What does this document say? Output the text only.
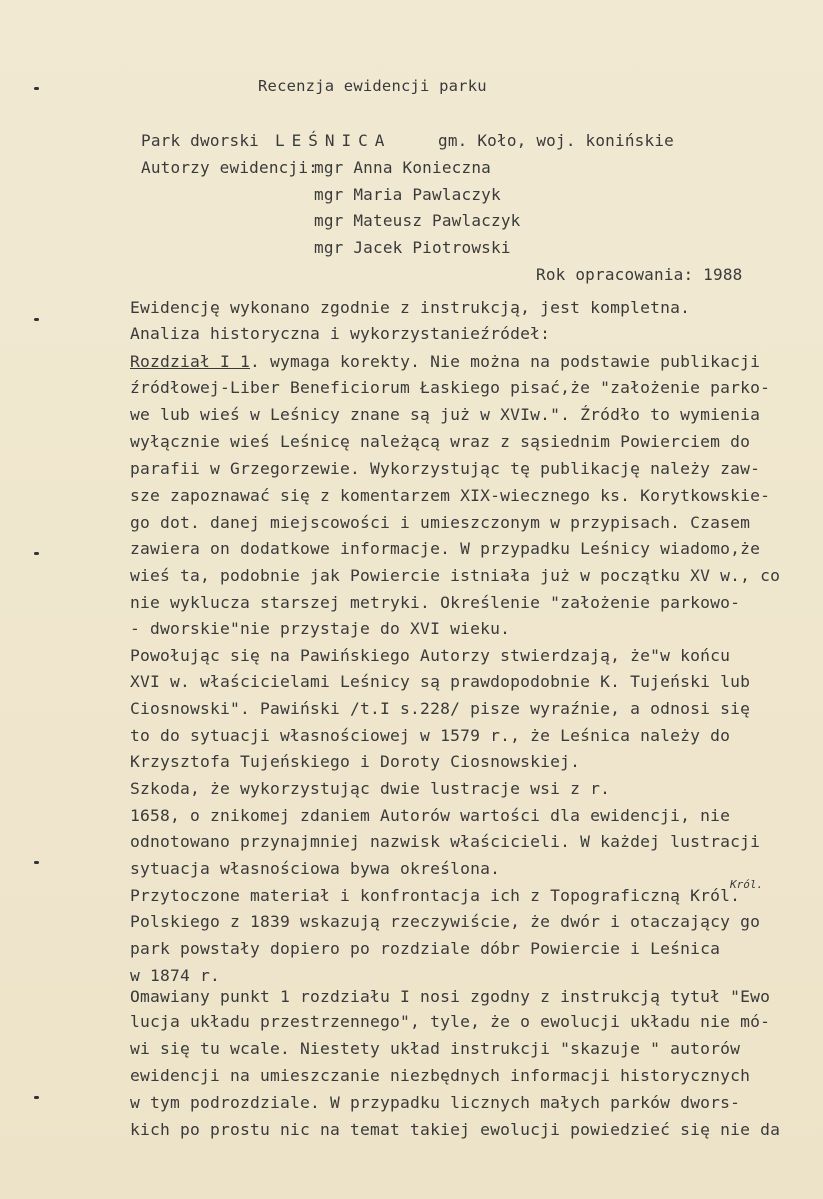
Recenzja ewidencji parku
Park dworski LEŚNICA	gm. Koło, woj. konińskie
Autorzy ewidencji:
mgr Anna Konieczna
mgr Maria Pawlaczyk
mgr Mateusz Pawlaczyk
mgr Jacek Piotrowski
Rok opracowania: 1988
Ewidencję wykonano zgodnie z instrukcją, jest kompletna.
Analiza historyczna i wykorzystanieźródeł:
Rozdział I 1. wymaga korekty. Nie można na podstawie publikacji
źródłowej-Liber Beneficiorum Łaskiego pisać,że "założenie parko-
we lub wieś w Leśnicy znane są już w XVIw.". Źródło to wymienia
wyłącznie wieś Leśnicę należącą wraz z sąsiednim Powierciem do
parafii w Grzegorzewie. Wykorzystując tę publikację należy zaw-
sze zapoznawać się z komentarzem XIX-wiecznego ks. Korytkowskie-
go dot. danej miejscowości i umieszczonym w przypisach. Czasem
zawiera on dodatkowe informacje. W przypadku Leśnicy wiadomo,że
wieś ta, podobnie jak Powiercie istniała już w początku XV w., co
nie wyklucza starszej metryki. Określenie "założenie parkowo-
- dworskie"nie przystaje do XVI wieku.
Powołując się na Pawińskiego Autorzy stwierdzają, że"w końcu
XVI w. właścicielami Leśnicy są prawdopodobnie K. Tujeński lub
Ciosnowski". Pawiński /t.I s.228/ pisze wyraźnie, a odnosi się
to do sytuacji własnościowej w 1579 r., że Leśnica należy do
Krzysztofa Tujeńskiego i Doroty Ciosnowskiej.
Szkoda, że wykorzystując dwie lustracje wsi z r.
1658, o znikomej zdaniem Autorów wartości dla ewidencji, nie
odnotowano przynajmniej nazwisk właścicieli. W każdej lustracji
sytuacja własnościowa bywa określona.
Przytoczone materiał i konfrontacja ich z Topograficzną Król.
Polskiego z 1839 wskazują rzeczywiście, że dwór i otaczający go
park powstały dopiero po rozdziale dóbr Powiercie i Leśnica
w 1874 r.
Omawiany punkt 1 rozdziału I nosi zgodny z instrukcją tytuł "Ewo
lucja układu przestrzennego", tyle, że o ewolucji układu nie mó-
wi się tu wcale. Niestety układ instrukcji "skazuje " autorów
ewidencji na umieszczanie niezbędnych informacji historycznych
w tym podrozdziale. W przypadku licznych małych parków dwors-
kich po prostu nic na temat takiej ewolucji powiedzieć się nie da
Król.
